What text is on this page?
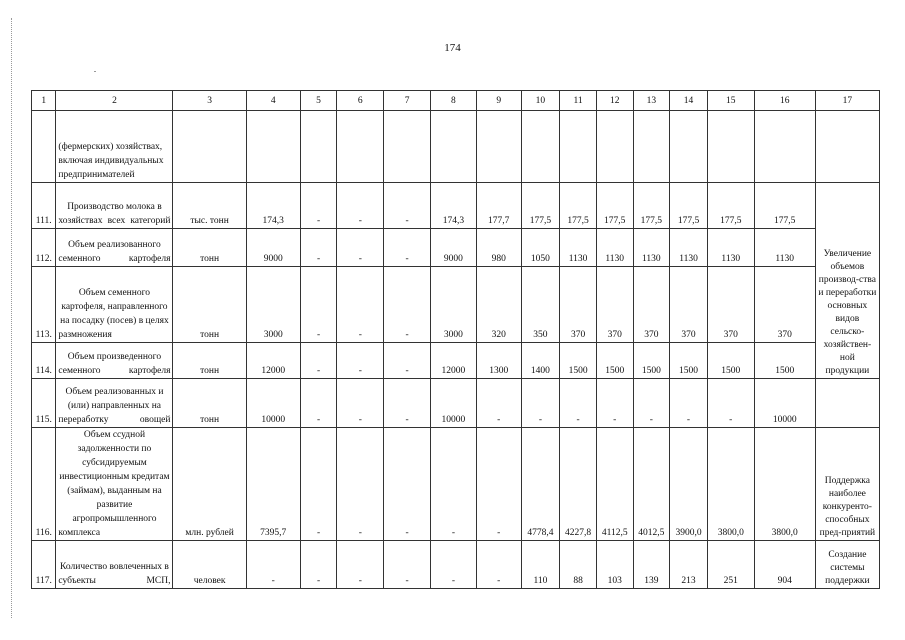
174
1	2	3	4	5	6	7	8	9	10	11	12	13	14	15	16	17
	(фермерских) хозяйствах, включая индивидуальных предпринимателей															
111.	Производство молока в хозяйствах всех категорий	тыс. тонн	174,3	-	-	-	174,3	177,7	177,5	177,5	177,5	177,5	177,5	177,5	177,5	Увеличение объемов производ-ства и переработки основных видов сельско-хозяйствен-ной продукции
112.	Объем реализованного семенного картофеля	тонн	9000	-	-	-	9000	980	1050	1130	1130	1130	1130	1130	1130	
113.	Объем семенного картофеля, направленного на посадку (посев) в целях размножения	тонн	3000	-	-	-	3000	320	350	370	370	370	370	370	370	
114.	Объем произведенного семенного картофеля	тонн	12000	-	-	-	12000	1300	1400	1500	1500	1500	1500	1500	1500	
115.	Объем реализованных и (или) направленных на переработку овощей	тонн	10000	-	-	-	10000	-	-	-	-	-	-	-	10000	
116.	Объем ссудной задолженности по субсидируемым инвестиционным кредитам (займам), выданным на развитие агропромышленного комплекса	млн. рублей	7395,7	-	-	-	-	-	4778,4	4227,8	4112,5	4012,5	3900,0	3800,0	3800,0	Поддержка наиболее конкуренто-способных пред-приятий
117.	Количество вовлеченных в субъекты МСП,	человек	-	-	-	-	-	-	110	88	103	139	213	251	904	Создание системы поддержки
